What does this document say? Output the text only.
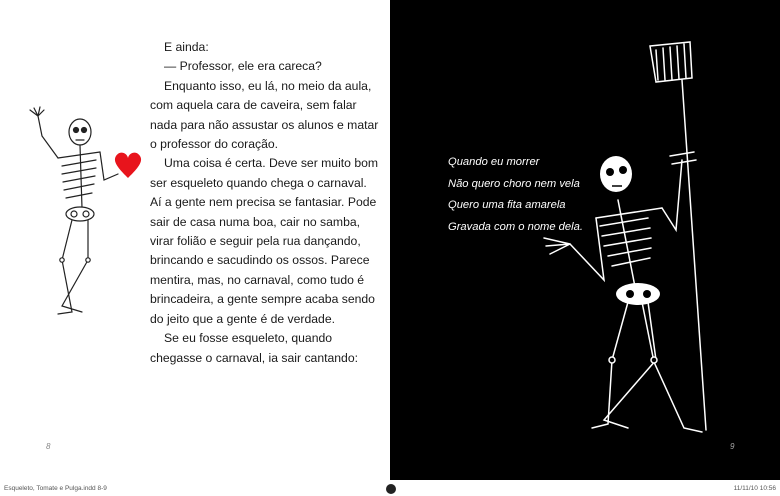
E ainda:

— Professor, ele era careca?

Enquanto isso, eu lá, no meio da aula, com aquela cara de caveira, sem falar nada para não assustar os alunos e matar o professor do coração.

Uma coisa é certa. Deve ser muito bom ser esqueleto quando chega o carnaval. Aí a gente nem precisa se fantasiar. Pode sair de casa numa boa, cair no samba, virar folião e seguir pela rua dançando, brincando e sacudindo os ossos. Parece mentira, mas, no carnaval, como tudo é brincadeira, a gente sempre acaba sendo do jeito que a gente é de verdade.

Se eu fosse esqueleto, quando chegasse o carnaval, ia sair cantando:

8	9
Quando eu morrer
Não quero choro nem vela
Quero uma fita amarela
Gravada com o nome dela.
Esqueleto, Tomate e Pulga.indd 8-9	11/11/10 10:56
